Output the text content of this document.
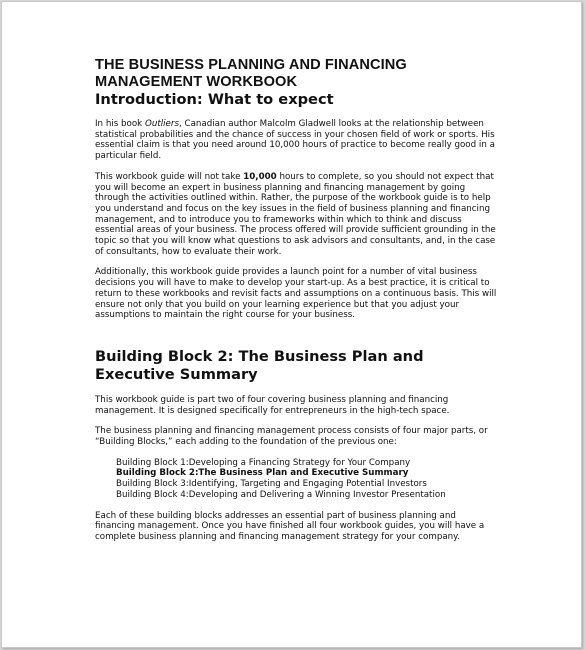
THE BUSINESS PLANNING AND FINANCING
MANAGEMENT WORKBOOK
Introduction: What to expect

In his book Outliers, Canadian author Malcolm Gladwell looks at the relationship between statistical probabilities and the chance of success in your chosen field of work or sports. His essential claim is that you need around 10,000 hours of practice to become really good in a particular field.

This workbook guide will not take 10,000 hours to complete, so you should not expect that you will become an expert in business planning and financing management by going through the activities outlined within. Rather, the purpose of the workbook guide is to help you understand and focus on the key issues in the field of business planning and financing management, and to introduce you to frameworks within which to think and discuss essential areas of your business. The process offered will provide sufficient grounding in the topic so that you will know what questions to ask advisors and consultants, and, in the case of consultants, how to evaluate their work.

Additionally, this workbook guide provides a launch point for a number of vital business decisions you will have to make to develop your start-up. As a best practice, it is critical to return to these workbooks and revisit facts and assumptions on a continuous basis. This will ensure not only that you build on your learning experience but that you adjust your assumptions to maintain the right course for your business.

Building Block 2: The Business Plan and
Executive Summary

This workbook guide is part two of four covering business planning and financing management. It is designed specifically for entrepreneurs in the high-tech space.

The business planning and financing management process consists of four major parts, or “Building Blocks,” each adding to the foundation of the previous one:

Building Block 1:Developing a Financing Strategy for Your Company
Building Block 2:The Business Plan and Executive Summary
Building Block 3:Identifying, Targeting and Engaging Potential Investors
Building Block 4:Developing and Delivering a Winning Investor Presentation

Each of these building blocks addresses an essential part of business planning and financing management. Once you have finished all four workbook guides, you will have a complete business planning and financing management strategy for your company.
